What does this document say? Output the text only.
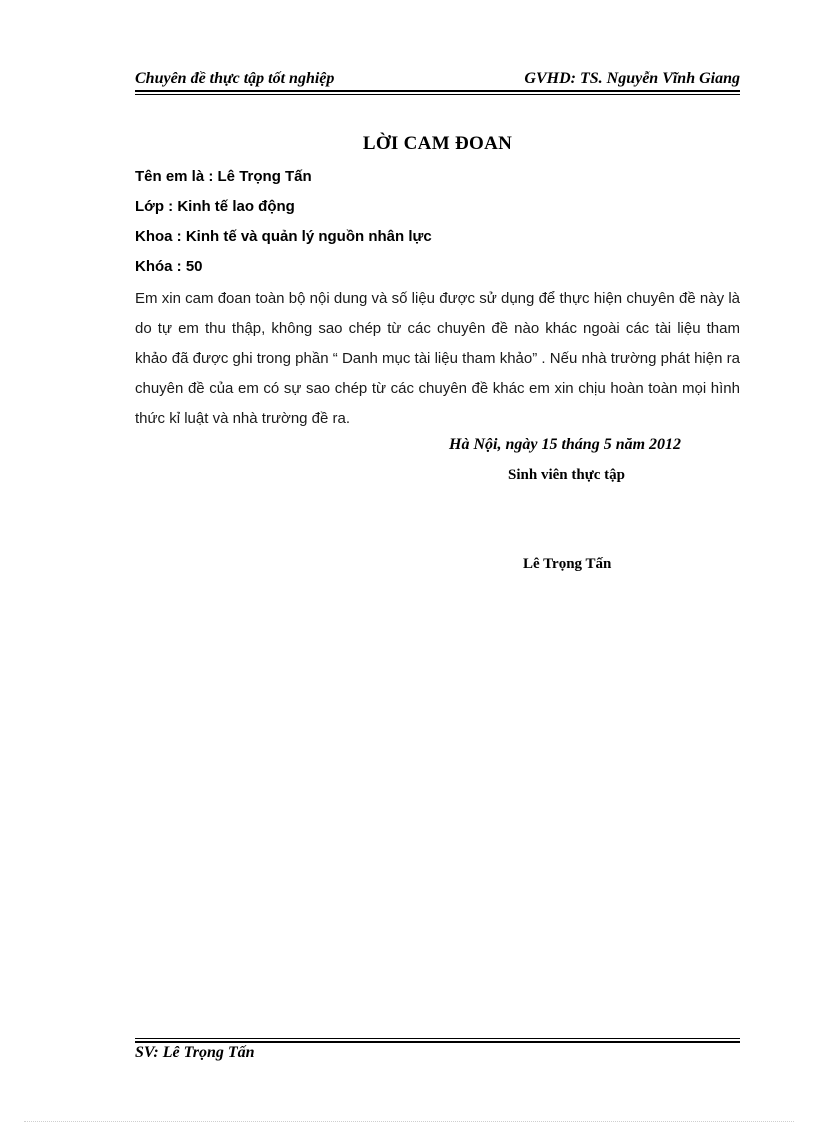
Chuyên đề thực tập tốt nghiệp	GVHD: TS. Nguyễn Vĩnh Giang
LỜI CAM ĐOAN
Tên em là : Lê Trọng Tấn
Lớp : Kinh tế lao động
Khoa : Kinh tế và quản lý nguồn nhân lực
Khóa : 50
Em xin cam đoan toàn bộ nội dung và số liệu được sử dụng để thực hiện chuyên đề này là do tự em thu thập, không sao chép từ các chuyên đề nào khác ngoài các tài liệu tham khảo đã được ghi trong phần “ Danh mục tài liệu tham khảo” . Nếu nhà trường phát hiện ra chuyên đề của em có sự sao chép từ các chuyên đề khác em xin chịu hoàn toàn mọi hình thức kỉ luật và nhà trường đề ra.
Hà Nội, ngày 15 tháng 5 năm 2012
Sinh viên thực tập
Lê Trọng Tấn
SV: Lê Trọng Tấn
